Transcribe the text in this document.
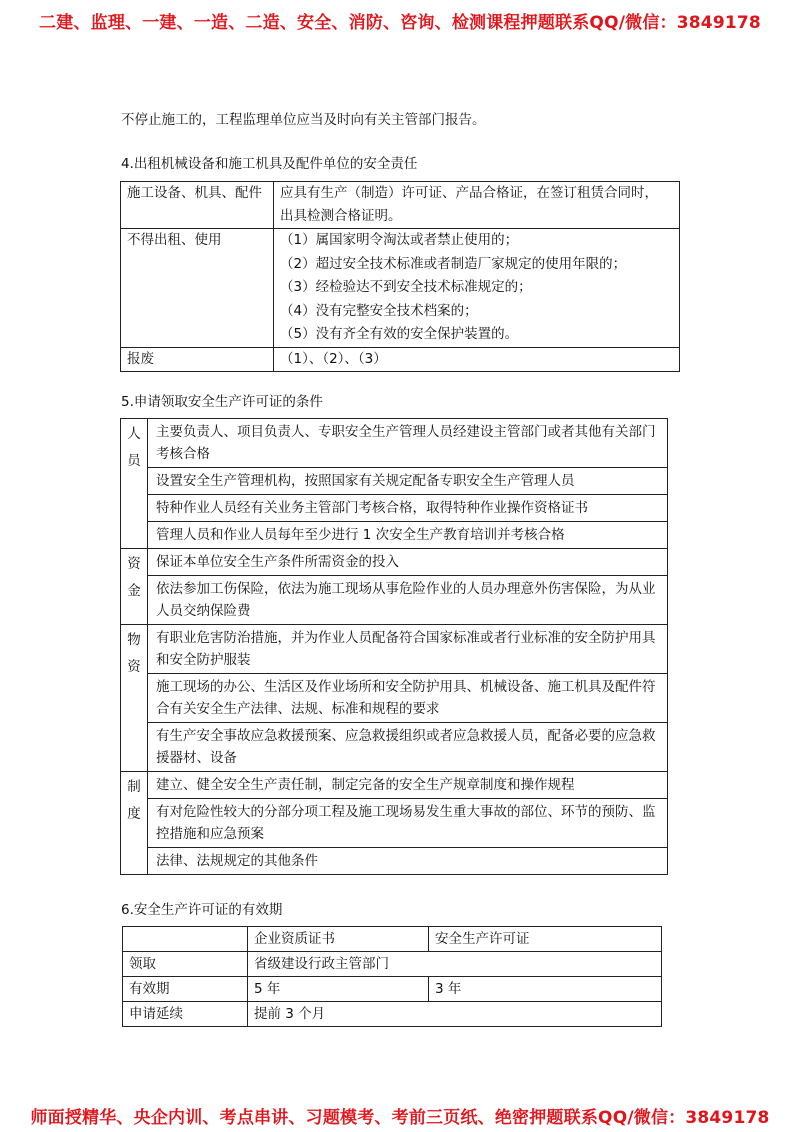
二建、监理、一建、一造、二造、安全、消防、咨询、检测课程押题联系QQ/微信：3849178
不停止施工的，工程监理单位应当及时向有关主管部门报告。
4.出租机械设备和施工机具及配件单位的安全责任
施工设备、机具、配件	应具有生产（制造）许可证、产品合格证，在签订租赁合同时，
出具检测合格证明。

不得出租、使用	（1）属国家明令淘汰或者禁止使用的；
（2）超过安全技术标准或者制造厂家规定的使用年限的；
（3）经检验达不到安全技术标准规定的；
（4）没有完整安全技术档案的；
（5）没有齐全有效的安全保护装置的。

报废	（1）、（2）、（3）
5.申请领取安全生产许可证的条件
人
员	主要负责人、项目负责人、专职安全生产管理人员经建设主管部门或者其他有关部门考核合格
	设置安全生产管理机构，按照国家有关规定配备专职安全生产管理人员
	特种作业人员经有关业务主管部门考核合格，取得特种作业操作资格证书
	管理人员和作业人员每年至少进行 1 次安全生产教育培训并考核合格

资
金	保证本单位安全生产条件所需资金的投入
	依法参加工伤保险，依法为施工现场从事危险作业的人员办理意外伤害保险，为从业人员交纳保险费

物
资	有职业危害防治措施，并为作业人员配备符合国家标准或者行业标准的安全防护用具和安全防护服装
	施工现场的办公、生活区及作业场所和安全防护用具、机械设备、施工机具及配件符合有关安全生产法律、法规、标准和规程的要求
	有生产安全事故应急救援预案、应急救援组织或者应急救援人员，配备必要的应急救援器材、设备

制
度	建立、健全安全生产责任制，制定完备的安全生产规章制度和操作规程
	有对危险性较大的分部分项工程及施工现场易发生重大事故的部位、环节的预防、监控措施和应急预案
	法律、法规规定的其他条件
6.安全生产许可证的有效期
	企业资质证书	安全生产许可证
领取	省级建设行政主管部门	
有效期	5 年	3 年
申请延续	提前 3 个月	
师面授精华、央企内训、考点串讲、习题模考、考前三页纸、绝密押题联系QQ/微信：3849178
